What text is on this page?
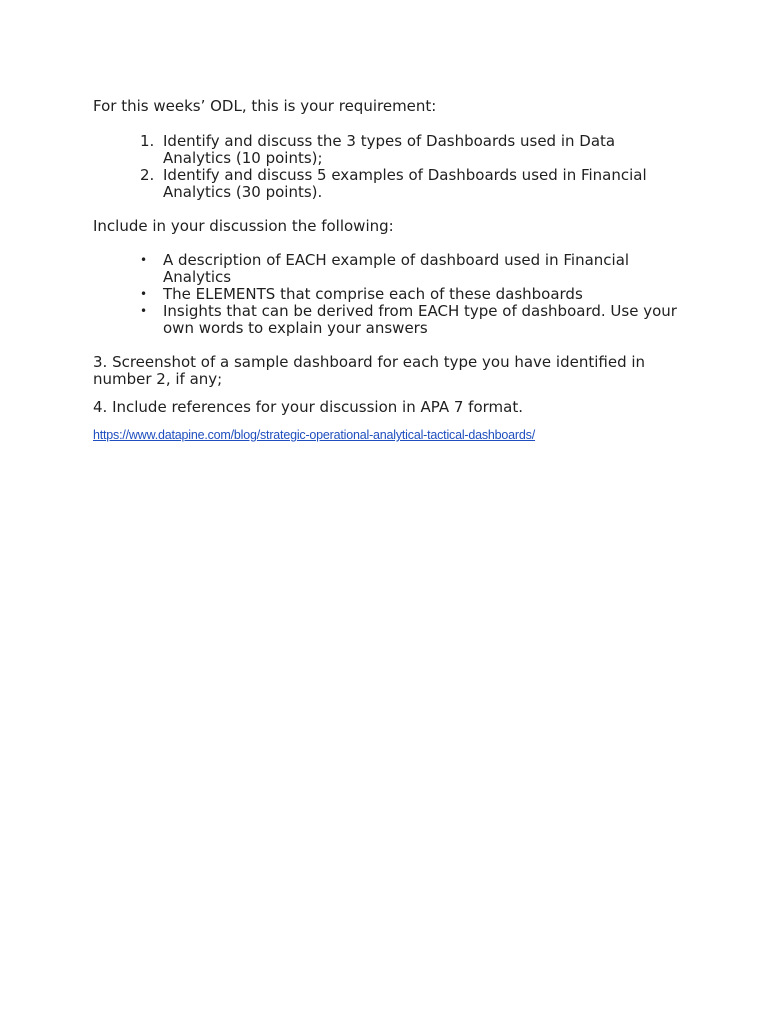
For this weeks’ ODL, this is your requirement:

1. Identify and discuss the 3 types of Dashboards used in Data Analytics (10 points);
2. Identify and discuss 5 examples of Dashboards used in Financial Analytics (30 points).

Include in your discussion the following:

• A description of EACH example of dashboard used in Financial Analytics
• The ELEMENTS that comprise each of these dashboards
• Insights that can be derived from EACH type of dashboard. Use your own words to explain your answers

3. Screenshot of a sample dashboard for each type you have identified in number 2, if any;

4. Include references for your discussion in APA 7 format.

https://www.datapine.com/blog/strategic-operational-analytical-tactical-dashboards/
